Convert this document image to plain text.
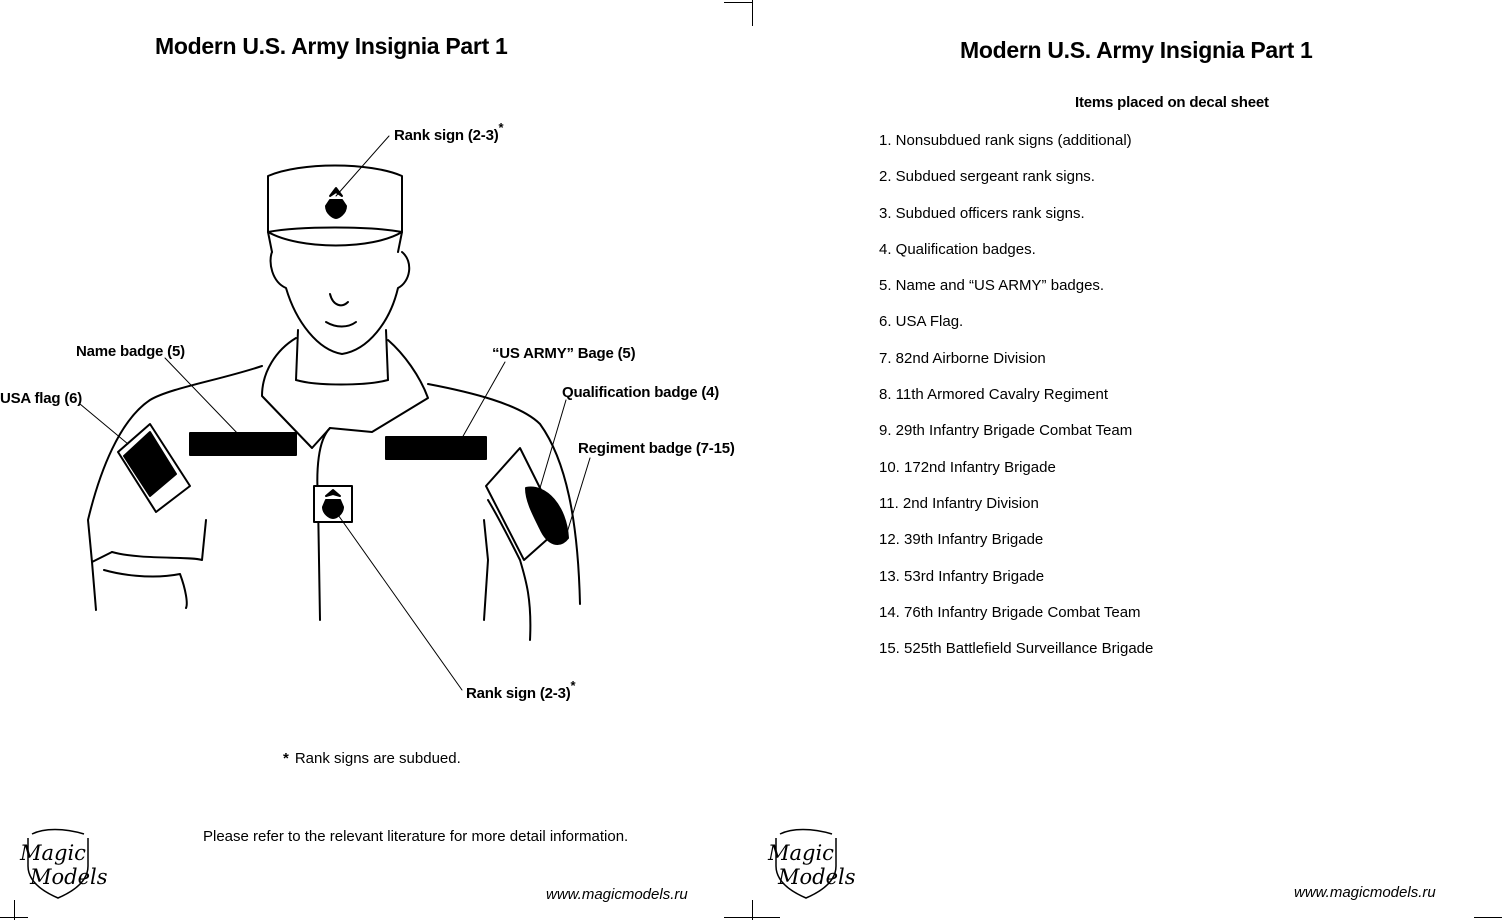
Modern U.S. Army Insignia Part 1
Rank sign (2-3)*
Name badge (5)	“US ARMY” Bage (5)
USA flag (6)	Qualification badge (4)
Regiment badge (7-15)
Rank sign (2-3)*
* Rank signs are subdued.
Please refer to the relevant literature for more detail information.
www.magicmodels.ru
Magic
Models
Modern U.S. Army Insignia Part 1
Items placed on decal sheet
1. Nonsubdued rank signs (additional)
2. Subdued sergeant rank signs.
3. Subdued officers rank signs.
4. Qualification badges.
5. Name and “US ARMY” badges.
6. USA Flag.
7. 82nd Airborne Division
8. 11th Armored Cavalry Regiment
9. 29th Infantry Brigade Combat Team
10. 172nd Infantry Brigade
11. 2nd Infantry Division
12. 39th Infantry Brigade
13. 53rd Infantry Brigade
14. 76th Infantry Brigade Combat Team
15. 525th Battlefield Surveillance Brigade
www.magicmodels.ru
Magic
Models
